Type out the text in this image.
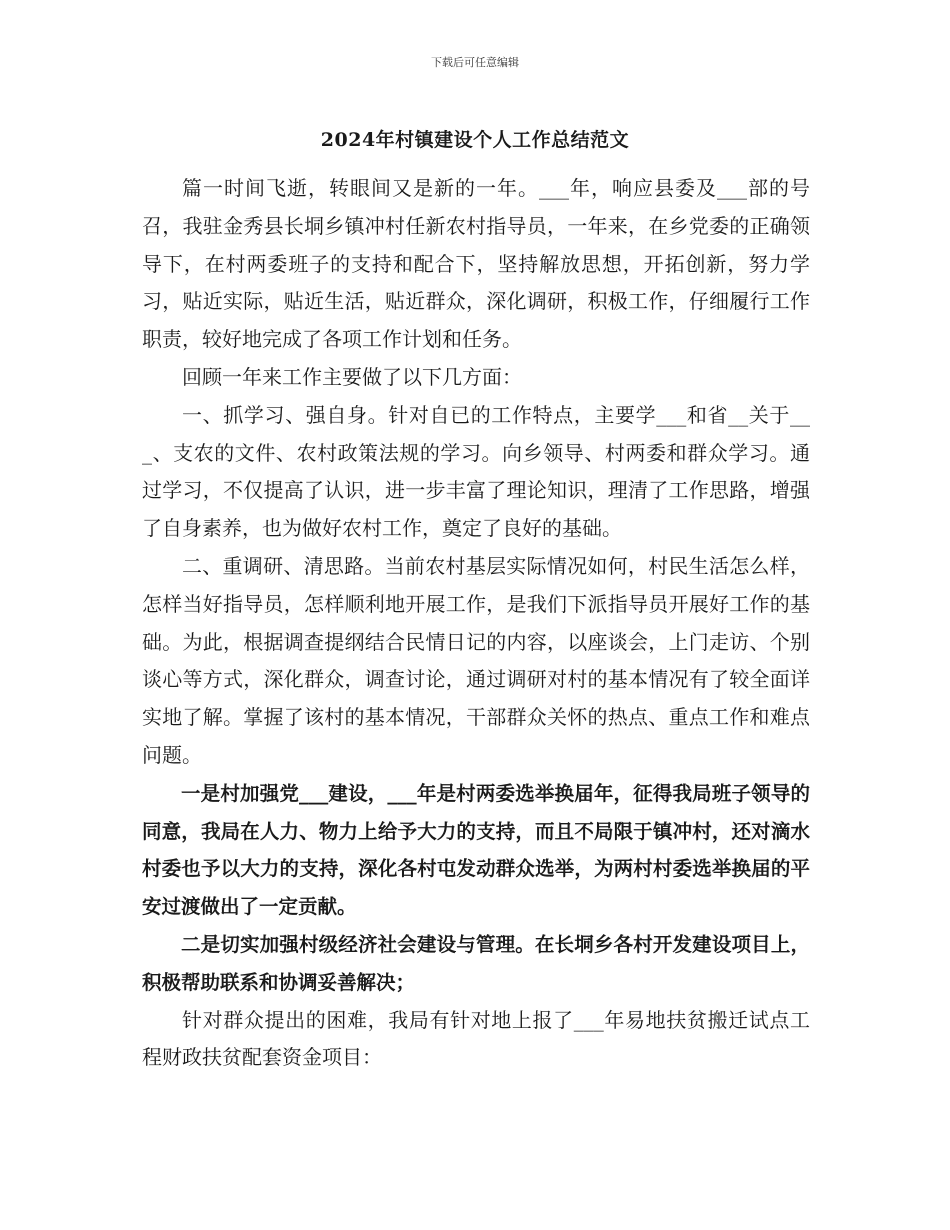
下载后可任意编辑
2024年村镇建设个人工作总结范文

篇一时间飞逝，转眼间又是新的一年。___年，响应县委及___部的号召，我驻金秀县长垌乡镇冲村任新农村指导员，一年来，在乡党委的正确领导下，在村两委班子的支持和配合下，坚持解放思想，开拓创新，努力学习，贴近实际，贴近生活，贴近群众，深化调研，积极工作，仔细履行工作职责，较好地完成了各项工作计划和任务。

回顾一年来工作主要做了以下几方面：

一、抓学习、强自身。针对自已的工作特点，主要学___和省__关于___、支农的文件、农村政策法规的学习。向乡领导、村两委和群众学习。通过学习，不仅提高了认识，进一步丰富了理论知识，理清了工作思路，增强了自身素养，也为做好农村工作，奠定了良好的基础。

二、重调研、清思路。当前农村基层实际情况如何，村民生活怎么样，怎样当好指导员，怎样顺利地开展工作，是我们下派指导员开展好工作的基础。为此，根据调查提纲结合民情日记的内容，以座谈会，上门走访、个别谈心等方式，深化群众，调查讨论，通过调研对村的基本情况有了较全面详实地了解。掌握了该村的基本情况，干部群众关怀的热点、重点工作和难点问题。

一是村加强党___建设，___年是村两委选举换届年，征得我局班子领导的同意，我局在人力、物力上给予大力的支持，而且不局限于镇冲村，还对滴水村委也予以大力的支持，深化各村屯发动群众选举，为两村村委选举换届的平安过渡做出了一定贡献。

二是切实加强村级经济社会建设与管理。在长垌乡各村开发建设项目上，积极帮助联系和协调妥善解决；

针对群众提出的困难，我局有针对地上报了___年易地扶贫搬迁试点工程财政扶贫配套资金项目：
